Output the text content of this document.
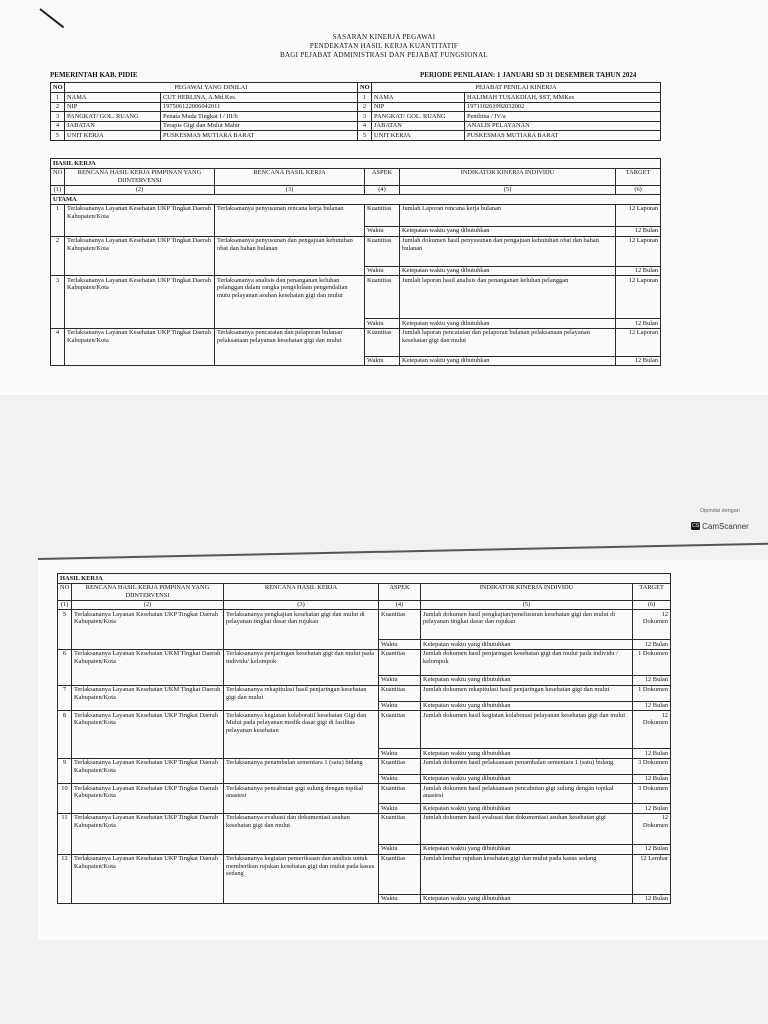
SASARAN KINERJA PEGAWAI
PENDEKATAN HASIL KERJA KUANTITATIF
BAGI PEJABAT ADMINISTRASI DAN PEJABAT FUNGSIONAL
PEMERINTAH KAB. PIDIE	PERIODE PENILAIAN: 1 JANUARI SD 31 DESEMBER TAHUN 2024
NO	PEGAWAI YANG DINILAI		NO	PEJABAT PENILAI KINERJA	
1	NAMA	CUT HERLINA, A.Md.Kes.	1	NAMA	HALIMAH TUSAKDIAH, SST, MMKes
2	NIP	197506122006042011	2	NIP	197110261992032002
3	PANGKAT/ GOL. RUANG	Penata Muda Tingkat I / III/b	3	PANGKAT/ GOL. RUANG	Pembina / IV/a
4	JABATAN	Terapis Gigi dan Mulut Mahir	4	JABATAN	ANALIS PELAYANAN
5	UNIT KERJA	PUSKESMAS MUTIARA BARAT	5	UNIT KERJA	PUSKESMAS MUTIARA BARAT
HASIL KERJA					
NO	RENCANA HASIL KERJA PIMPINAN YANG DIINTERVENSI	RENCANA HASIL KERJA	ASPEK	INDIKATOR KINERJA INDIVIDU	TARGET
(1)	(2)	(3)	(4)	(5)	(6)
UTAMA					
1	Terlaksananya Layanan Kesehatan UKP Tingkat Daerah Kabupaten/Kota	Terlaksananya penyusunan rencana kerja bulanan	Kuantitas	Jumlah Laporan rencana kerja bulanan	12 Laporan
			Waktu	Ketepatan waktu yang dibutuhkan	12 Bulan
2	Terlaksananya Layanan Kesehatan UKP Tingkat Daerah Kabupaten/Kota	Terlaksananya penyusunan dan pengajuan kebutuhan obat dan bahan bulanan	Kuantitas	Jumlah dokumen hasil penyusunan dan pengajuan kebutuhan obat dan bahan bulanan	12 Laporan
			Waktu	Ketepatan waktu yang dibutuhkan	12 Bulan
3	Terlaksananya Layanan Kesehatan UKP Tingkat Daerah Kabupaten/Kota	Terlaksananya analisis dan penanganan keluhan pelanggan dalam rangka pengelolaan pengendalian mutu pelayanan asuhan kesehatan gigi dan mulut	Kuantitas	Jumlah laporan hasil analisis dan penanganan keluhan pelanggan	12 Laporan
			Waktu	Ketepatan waktu yang dibutuhkan	12 Bulan
4	Terlaksananya Layanan Kesehatan UKP Tingkat Daerah Kabupaten/Kota	Terlaksananya pencatatan dan pelaporan bulanan pelaksanaan pelayanan kesehatan gigi dan mulut	Kuantitas	Jumlah laporan pencatatan dan pelaporan bulanan pelaksanaan pelayanan kesehatan gigi dan mulut	12 Laporan
			Waktu	Ketepatan waktu yang dibutuhkan	12 Bulan
Dipindai dengan
CS CamScanner
HASIL KERJA					
NO	RENCANA HASIL KERJA PIMPINAN YANG DIINTERVENSI	RENCANA HASIL KERJA	ASPEK	INDIKATOR KINERJA INDIVIDU	TARGET
(1)	(2)	(3)	(4)	(5)	(6)
5	Terlaksananya Layanan Kesehatan UKP Tingkat Daerah Kabupaten/Kota	Terlaksananya pengkajian kesehatan gigi dan mulut di pelayanan tingkat dasar dan rujukan	Kuantitas	Jumlah dokumen hasil pengkajian/penelusuran kesehatan gigi dan mulut di pelayanan tingkat dasar dan rujukan	12 Dokumen
			Waktu	Ketepatan waktu yang dibutuhkan	12 Bulan
6	Terlaksananya Layanan Kesehatan UKM Tingkat Daerah Kabupaten/Kota	Terlaksananya penjaringan kesehatan gigi dan mulut pada individu/ kelompok	Kuantitas	Jumlah dokumen hasil penjaringan kesehatan gigi dan mulut pada individu / kelompok	1 Dokumen
			Waktu	Ketepatan waktu yang dibutuhkan	12 Bulan
7	Terlaksananya Layanan Kesehatan UKM Tingkat Daerah Kabupaten/Kota	Terlaksananya rekapitulasi hasil penjaringan kesehatan gigi dan mulut	Kuantitas	Jumlah dokumen rekapitulasi hasil penjaringan kesehatan gigi dan mulut	1 Dokumen
			Waktu	Ketepatan waktu yang dibutuhkan	12 Bulan
8	Terlaksananya Layanan Kesehatan UKP Tingkat Daerah Kabupaten/Kota	Terlaksananya kegiatan kolaboratif kesehatan Gigi dan Mulut pada pelayanan medik dasar gigi di fasilitas pelayanan kesehatan	Kuantitas	Jumlah dokumen hasil kegiatan kolaborasi pelayanan kesehatan gigi dan mulut	12 Dokumen
			Waktu	Ketepatan waktu yang dibutuhkan	12 Bulan
9	Terlaksananya Layanan Kesehatan UKP Tingkat Daerah Kabupaten/Kota	Terlaksananya penambalan sementara 1 (satu) bidang	Kuantitas	Jumlah dokumen hasil pelaksanaan penambalan sementara 1 (satu) bidang	3 Dokumen
			Waktu	Ketepatan waktu yang dibutuhkan	12 Bulan
10	Terlaksananya Layanan Kesehatan UKP Tingkat Daerah Kabupaten/Kota	Terlaksananya pencabutan gigi sulung dengan topikal anastesi	Kuantitas	Jumlah dokumen hasil pelaksanaan pencabutan gigi sulung dengan topikal anastesi	3 Dokumen
			Waktu	Ketepatan waktu yang dibutuhkan	12 Bulan
11	Terlaksananya Layanan Kesehatan UKP Tingkat Daerah Kabupaten/Kota	Terlaksananya evaluasi dan dokumentasi asuhan kesehatan gigi dan mulut	Kuantitas	Jumlah dokumen hasil evaluasi dan dokumentasi asuhan kesehatan gigi	12 Dokumen
			Waktu	Ketepatan waktu yang dibutuhkan	12 Bulan
12	Terlaksananya Layanan Kesehatan UKP Tingkat Daerah Kabupaten/Kota	Terlaksananya kegiatan pemeriksaan dan analisis untuk memberikan rujukan kesehatan gigi dan mulut pada kasus sedang	Kuantitas	Jumlah lembar rujukan kesehatan gigi dan mulut pada kasus sedang	12 Lembar
			Waktu	Ketepatan waktu yang dibutuhkan	12 Bulan
